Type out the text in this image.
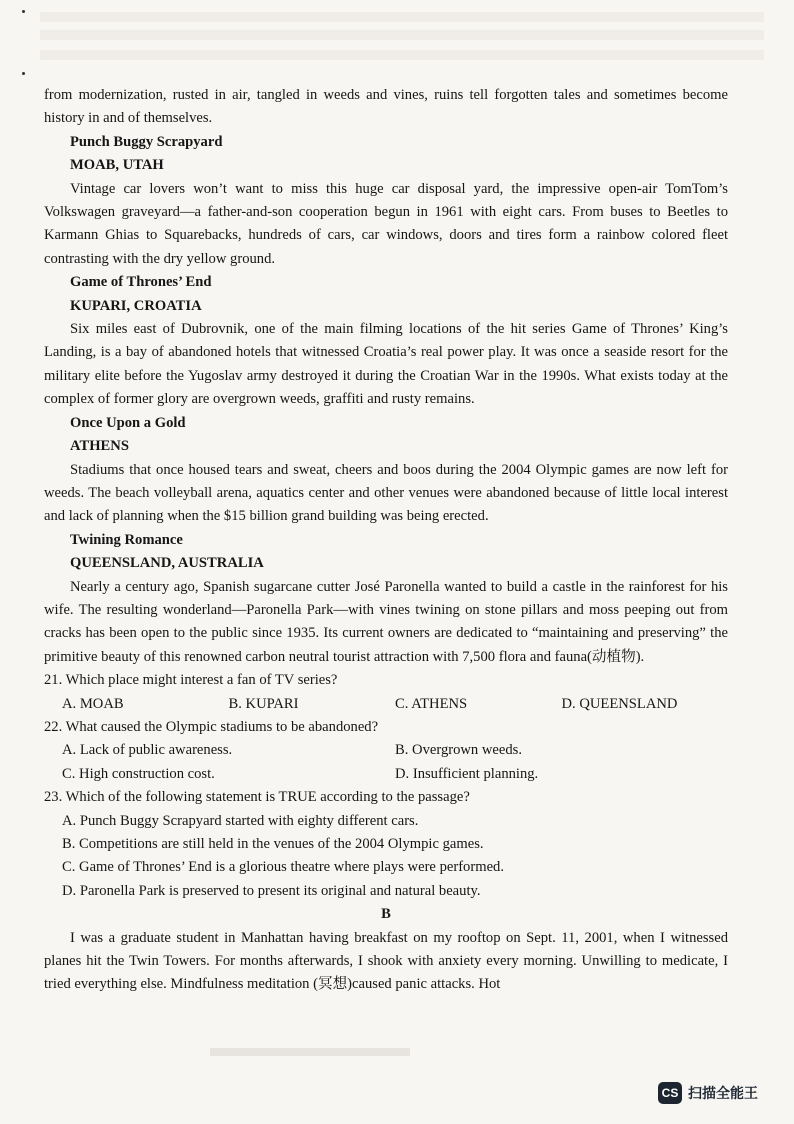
from modernization, rusted in air, tangled in weeds and vines, ruins tell forgotten tales and sometimes become history in and of themselves.

Punch Buggy Scrapyard

MOAB, UTAH

Vintage car lovers won’t want to miss this huge car disposal yard, the impressive open-air TomTom’s Volkswagen graveyard—a father-and-son cooperation begun in 1961 with eight cars. From buses to Beetles to Karmann Ghias to Squarebacks, hundreds of cars, car windows, doors and tires form a rainbow colored fleet contrasting with the dry yellow ground.

Game of Thrones’ End

KUPARI, CROATIA

Six miles east of Dubrovnik, one of the main filming locations of the hit series Game of Thrones’ King’s Landing, is a bay of abandoned hotels that witnessed Croatia’s real power play. It was once a seaside resort for the military elite before the Yugoslav army destroyed it during the Croatian War in the 1990s. What exists today at the complex of former glory are overgrown weeds, graffiti and rusty remains.

Once Upon a Gold

ATHENS

Stadiums that once housed tears and sweat, cheers and boos during the 2004 Olympic games are now left for weeds. The beach volleyball arena, aquatics center and other venues were abandoned because of little local interest and lack of planning when the $15 billion grand building was being erected.

Twining Romance

QUEENSLAND, AUSTRALIA

Nearly a century ago, Spanish sugarcane cutter José Paronella wanted to build a castle in the rainforest for his wife. The resulting wonderland—Paronella Park—with vines twining on stone pillars and moss peeping out from cracks has been open to the public since 1935. Its current owners are dedicated to “maintaining and preserving” the primitive beauty of this renowned carbon neutral tourist attraction with 7,500 flora and fauna(动植物).

21. Which place might interest a fan of TV series?

A. MOAB	B. KUPARI	C. ATHENS	D. QUEENSLAND

22. What caused the Olympic stadiums to be abandoned?

A. Lack of public awareness.	B. Overgrown weeds.
C. High construction cost.	D. Insufficient planning.

23. Which of the following statement is TRUE according to the passage?

A. Punch Buggy Scrapyard started with eighty different cars.

B. Competitions are still held in the venues of the 2004 Olympic games.

C. Game of Thrones’ End is a glorious theatre where plays were performed.

D. Paronella Park is preserved to present its original and natural beauty.

B

I was a graduate student in Manhattan having breakfast on my rooftop on Sept. 11, 2001, when I witnessed planes hit the Twin Towers. For months afterwards, I shook with anxiety every morning. Unwilling to medicate, I tried everything else. Mindfulness meditation (冥想)caused panic attacks. Hot

CS 扫描全能王
